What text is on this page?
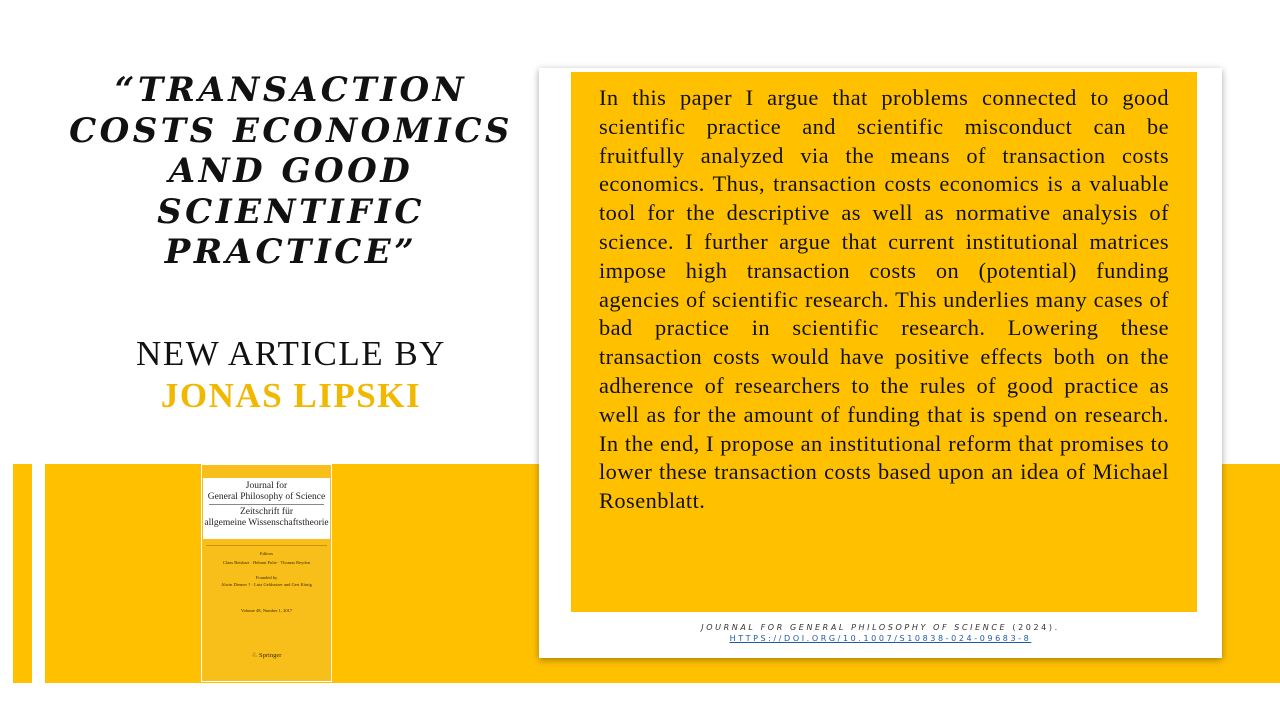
“TRANSACTION COSTS ECONOMICS AND GOOD SCIENTIFIC PRACTICE”
NEW ARTICLE BY
JONAS LIPSKI
Journal for
General Philosophy of Science
Zeitschrift für
allgemeine Wissenschaftstheorie
Editors
Claus Beisbart · Helmut Pulte · Thomas Reydon
Founded by
Alwin Diemer † · Lutz Geldsetzer and Gert König
Volume 48, Number 1, 2017
♘ Springer

In this paper I argue that problems connected to good scientific practice and scientific misconduct can be fruitfully analyzed via the means of transaction costs economics. Thus, transaction costs economics is a valuable tool for the descriptive as well as normative analysis of science. I further argue that current institutional matrices impose high transaction costs on (potential) funding agencies of scientific research. This underlies many cases of bad practice in scientific research. Lowering these transaction costs would have positive effects both on the adherence of researchers to the rules of good practice as well as for the amount of funding that is spend on research. In the end, I propose an institutional reform that promises to lower these transaction costs based upon an idea of Michael Rosenblatt.

JOURNAL FOR GENERAL PHILOSOPHY OF SCIENCE (2024).
HTTPS://DOI.ORG/10.1007/S10838-024-09683-8
